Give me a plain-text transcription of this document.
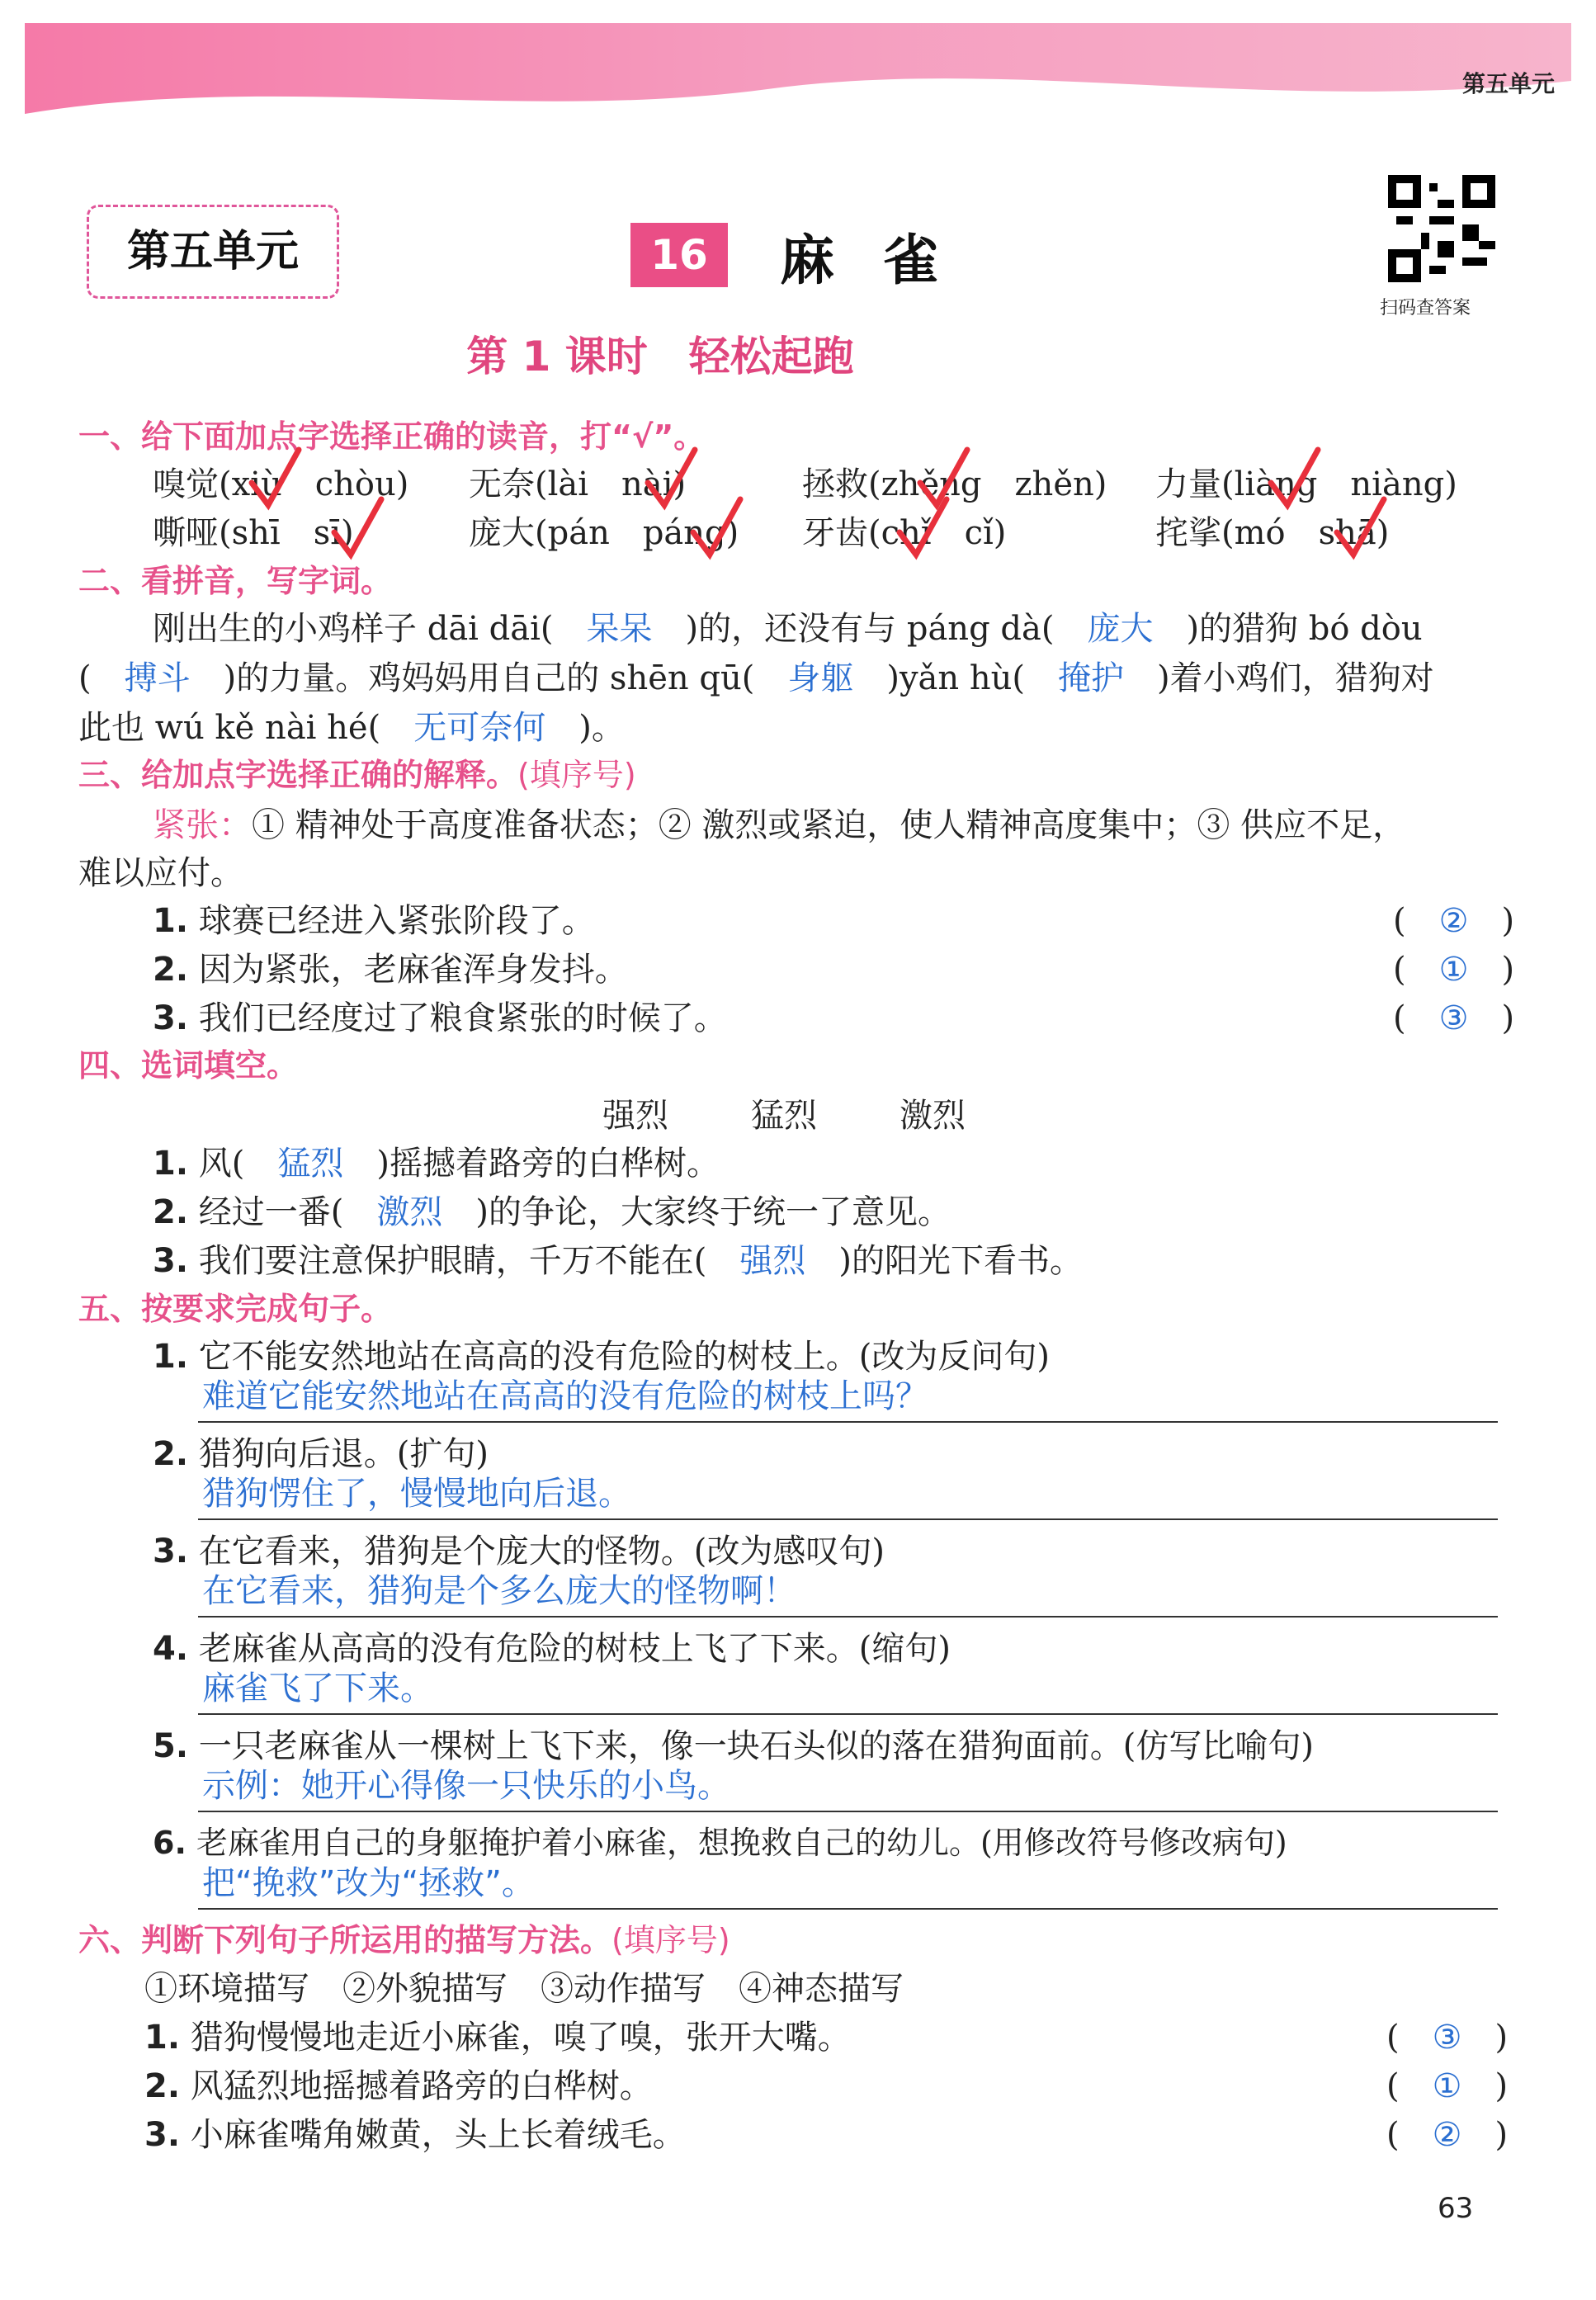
第五单元
第五单元	16	麻雀
扫码查答案
第 1 课时　轻松起跑
一、给下面加点字选择正确的读音，打“√”。
嗅觉(xiù　 chòu) 无奈(lài　 nài)	拯救(zhěng　 zhěn) 力量(liàng　 niàng)
嘶哑(shī　 sī)	庞大(pán　 páng) 牙齿(chǐ　 cǐ)	挓挲(mó　 shā)
二、看拼音，写字词。
刚出生的小鸡样子 dāi dāi(　 呆呆　 )的，还没有与 páng dà(　 庞大　 )的猎狗 bó dòu
(　 搏斗　 )的力量。鸡妈妈用自己的 shēn qū(　 身躯　 )yǎn hù(　 掩护　 )着小鸡们，猎狗对
此也 wú kě nài hé(　 无可奈何　 )。
三、给加点字选择正确的解释。(填序号)
紧张：① 精神处于高度准备状态；② 激烈或紧迫，使人精神高度集中；③ 供应不足，
难以应付。
1. 球赛已经进入紧张阶段了。	(　②　)
2. 因为紧张，老麻雀浑身发抖。	(　①　)
3. 我们已经度过了粮食紧张的时候了。	(　③　)
四、选词填空。
强烈	猛烈	激烈
1. 风(　 猛烈　 )摇撼着路旁的白桦树。
2. 经过一番(　 激烈　 )的争论，大家终于统一了意见。
3. 我们要注意保护眼睛，千万不能在(　 强烈　 )的阳光下看书。
五、按要求完成句子。
1. 它不能安然地站在高高的没有危险的树枝上。(改为反问句)
难道它能安然地站在高高的没有危险的树枝上吗？
2. 猎狗向后退。(扩句)
猎狗愣住了，慢慢地向后退。
3. 在它看来，猎狗是个庞大的怪物。(改为感叹句)
在它看来，猎狗是个多么庞大的怪物啊！
4. 老麻雀从高高的没有危险的树枝上飞了下来。(缩句)
麻雀飞了下来。
5. 一只老麻雀从一棵树上飞下来，像一块石头似的落在猎狗面前。(仿写比喻句)
示例：她开心得像一只快乐的小鸟。
6. 老麻雀用自己的身躯掩护着小麻雀，想挽救自己的幼儿。(用修改符号修改病句)
把“挽救”改为“拯救”。
六、判断下列句子所运用的描写方法。(填序号)
①环境描写　②外貌描写　③动作描写　④神态描写
1. 猎狗慢慢地走近小麻雀，嗅了嗅，张开大嘴。	(　③　)
2. 风猛烈地摇撼着路旁的白桦树。	(　①　)
3. 小麻雀嘴角嫩黄，头上长着绒毛。	(　②　)
63
